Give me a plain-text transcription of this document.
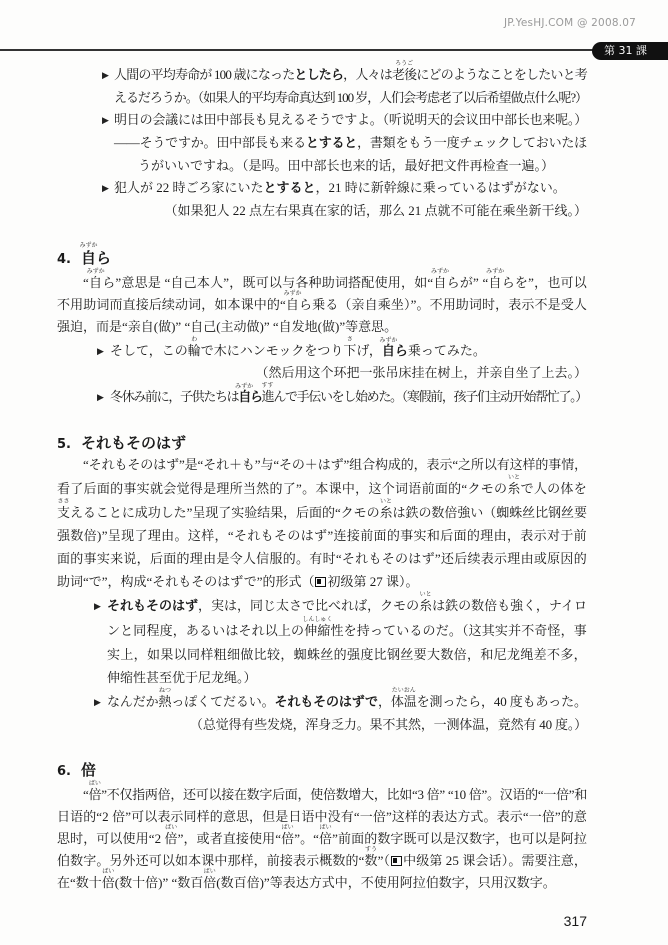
JP.YesHJ.COM @ 2008.07
第 31 課
▶ 人間の平均寿命が 100 歳になったとしたら，人々は老後
ろうご
にどのようなことをしたいと考
えるだろうか。（如果人的平均寿命真达到 100 岁，人们会考虑老了以后希望做点什么呢?）
▶ 明日の会議には田中部長も見えるそうですよ。（听说明天的会议田中部长也来呢。）
——そうですか。田中部長も来るとすると，書類をもう一度チェックしておいたほ
うがいいですね。（是吗。田中部长也来的话，最好把文件再检查一遍。）
▶ 犯人が 22 時ごろ家にいたとすると，21 時に新幹線に乗っているはずがない。
（如果犯人 22 点左右果真在家的话，那么 21 点就不可能在乘坐新干线。）
4. 自
みずか
ら
“自
みずか
ら”意思是 “自己本人”，既可以与各种助词搭配使用，如“自
みずか
らが” “自
みずか
らを”，也可以
不用助词而直接后续动词，如本课中的“自
みずか
ら乗る（亲自乘坐）”。不用助词时，表示不是受人
强迫，而是“亲自(做)” “自己(主动做)” “自发地(做)”等意思。
▶ そして，この輪
わ
で木にハンモックをつり下
さ
げ，自
みずか
ら乗ってみた。
（然后用这个环把一张吊床挂在树上，并亲自坐了上去。）
▶ 冬休み前に，子供たちは自
みずか
ら進
すす
んで手伝いをし始めた。（寒假前，孩子们主动开始帮忙了。）
5. それもそのはず
“それもそのはず”是“それ＋も”与“その＋はず”组合构成的，表示“之所以有这样的事情，
看了后面的事实就会觉得是理所当然的了”。本课中，这个词语前面的“クモの糸
いと
で人の体を
支
ささ
えることに成功した”呈现了实验结果，后面的“クモの糸
いと
は鉄の数倍強い（蜘蛛丝比钢丝要
强数倍)”呈现了理由。这样，“それもそのはず”连接前面的事实和后面的理由，表示对于前
面的事实来说，后面的理由是令人信服的。有时“それもそのはず”还后续表示理由或原因的
助词“で”，构成“それもそのはずで”的形式（ 初级第 27 课）。
▶ それもそのはず，実は，同じ太さで比べれば，クモの糸
いと
は鉄の数倍も強く，ナイロ
ンと同程度，あるいはそれ以上の伸縮
しんしゅく
性を持っているのだ。（这其实并不奇怪，事
实上，如果以同样粗细做比较，蜘蛛丝的强度比钢丝要大数倍，和尼龙绳差不多，
伸缩性甚至优于尼龙绳。）
▶ なんだか熱
ねつ
っぽくてだるい。それもそのはずで，体温
たいおん
を測ったら，40 度もあった。
（总觉得有些发烧，浑身乏力。果不其然，一测体温，竟然有 40 度。）
6. 倍
“倍
ばい
”不仅指两倍，还可以接在数字后面，使倍数增大，比如“3 倍” “10 倍”。汉语的“一倍”和
日语的“2 倍”可以表示同样的意思，但是日语中没有“一倍”这样的表达方式。表示“一倍”的意
思时，可以使用“2 倍
ばい
”，或者直接使用“倍
ばい
”。“倍
ばい
”前面的数字既可以是汉数字，也可以是阿拉
伯数字。另外还可以如本课中那样，前接表示概数的“数
すう
”（ 中级第 25 课会话）。需要注意，
在“数十倍
ばい
(数十倍)” “数百倍
ばい
(数百倍)”等表达方式中，不使用阿拉伯数字，只用汉数字。
317
